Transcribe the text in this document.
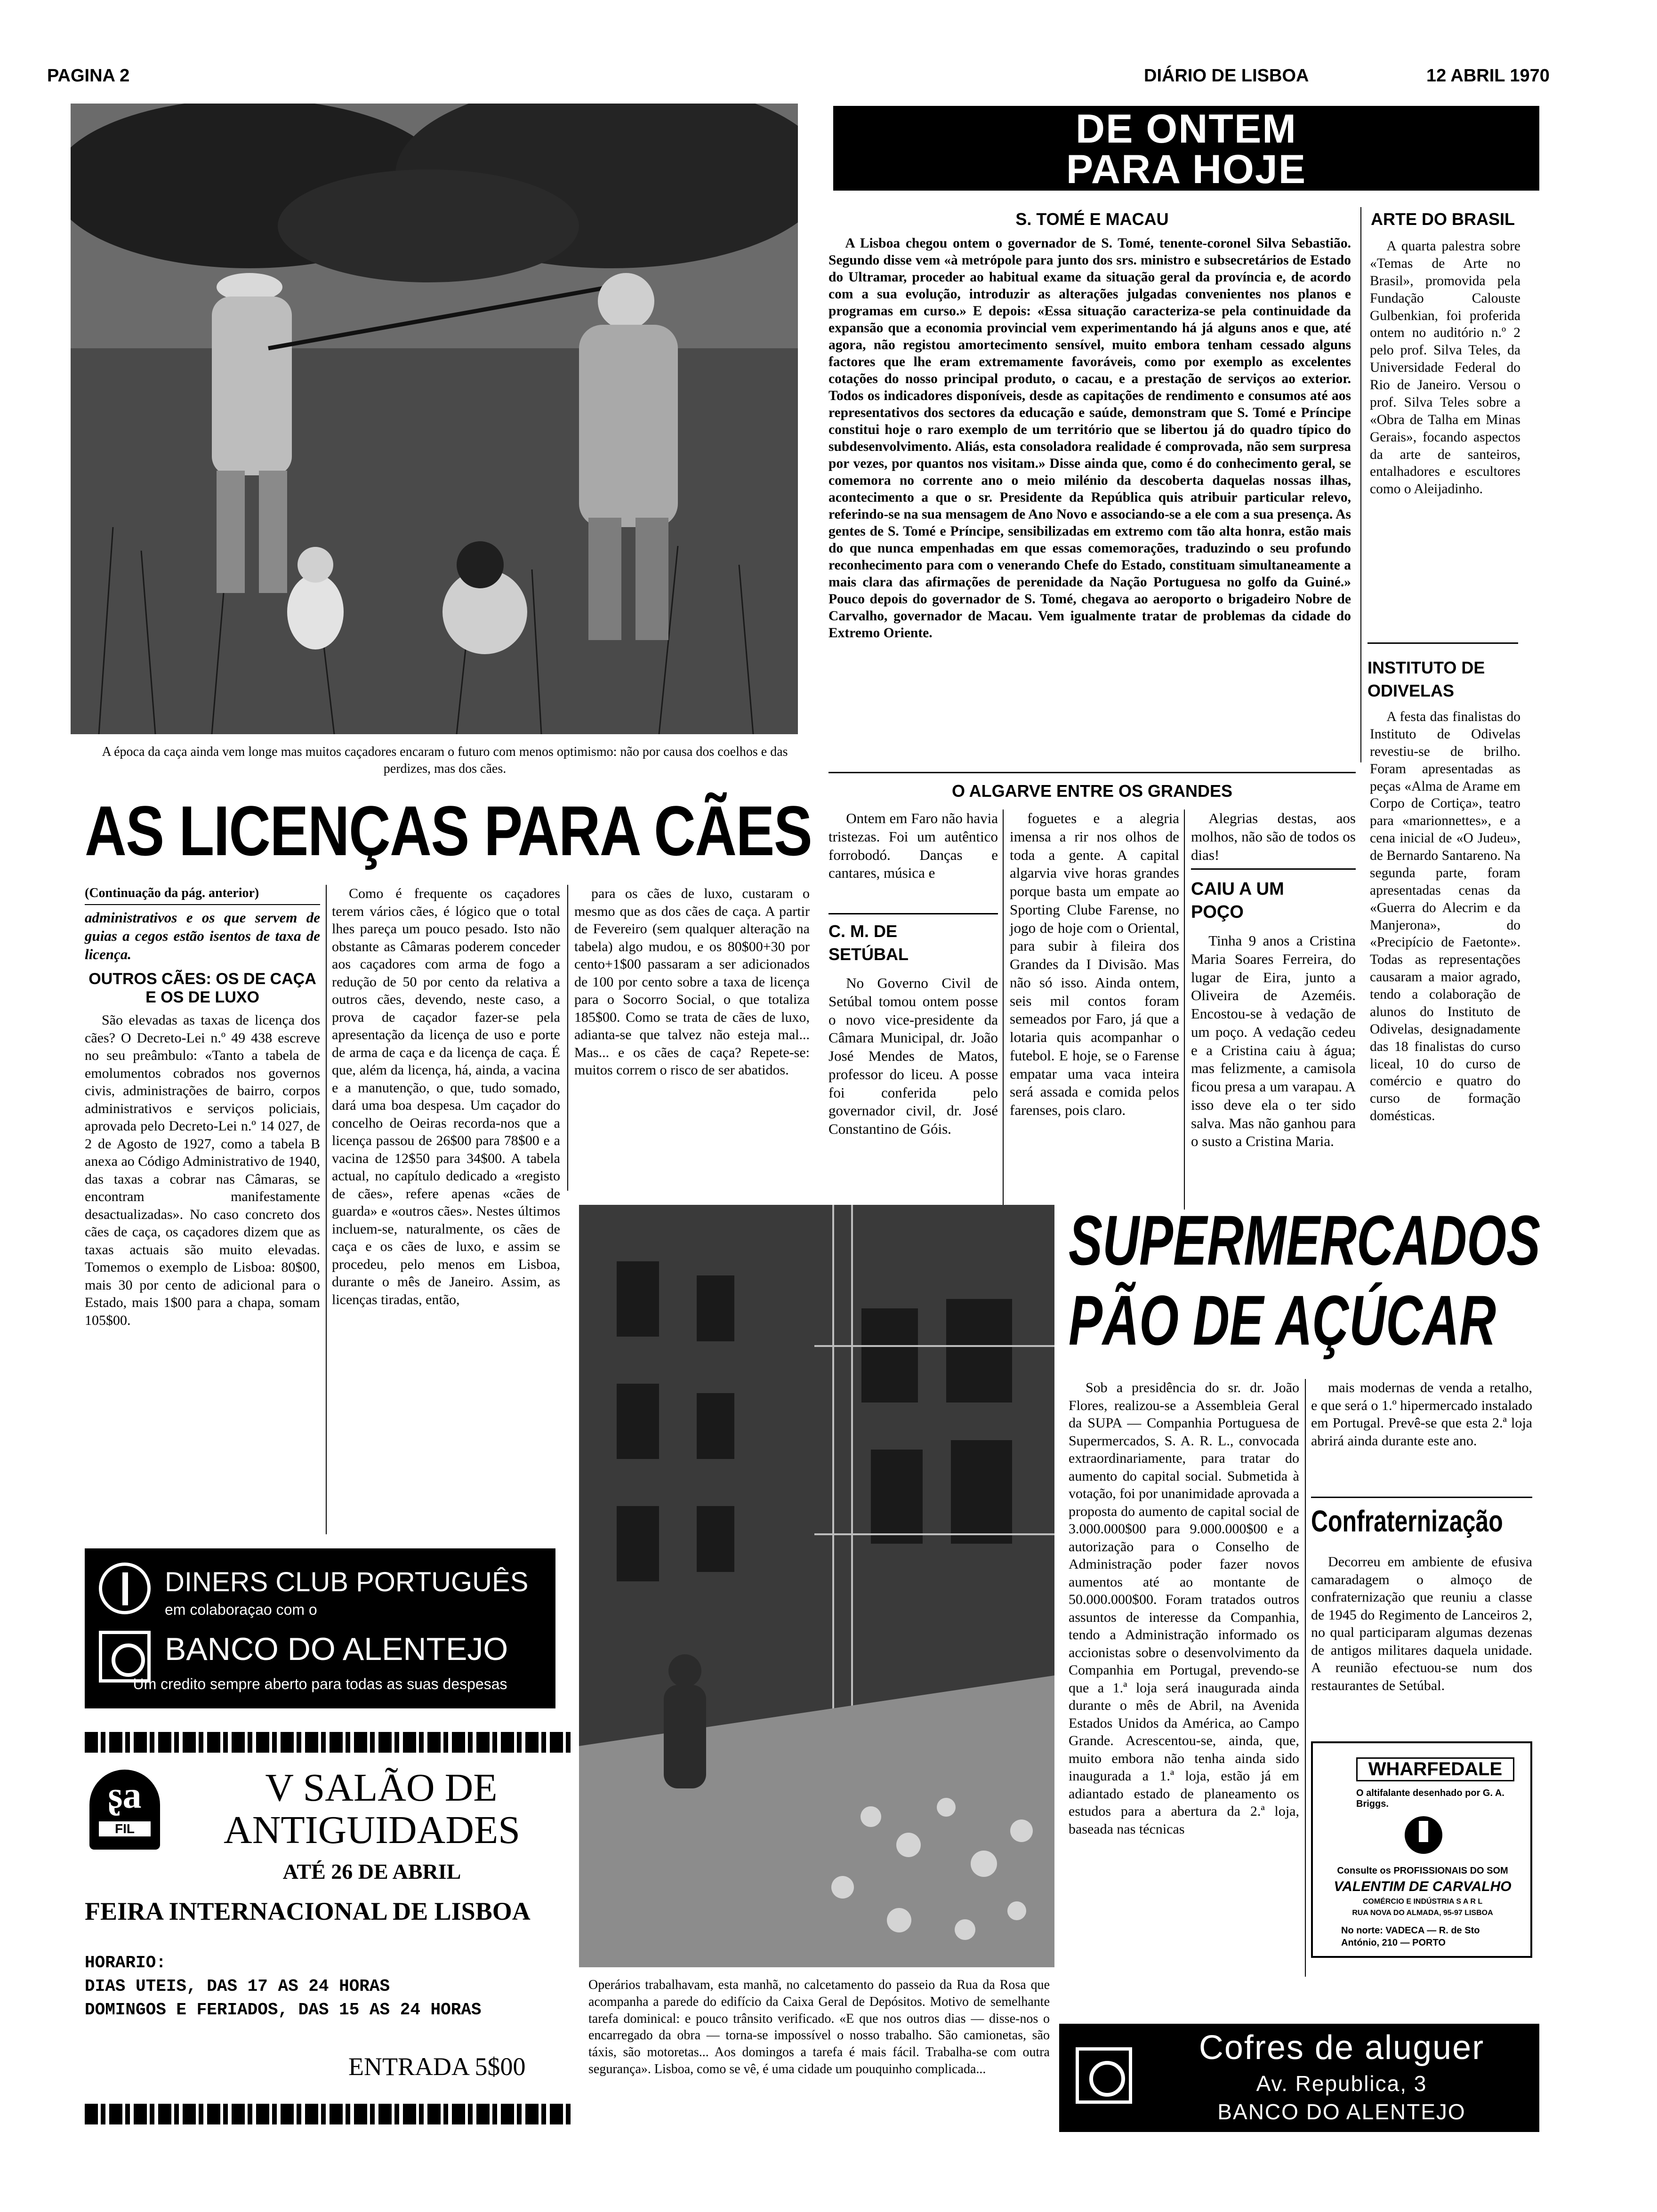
PAGINA 2	DIÁRIO DE LISBOA	12 ABRIL 1970
A época da caça ainda vem longe mas muitos caçadores encaram o futuro com menos optimismo: não por causa dos coelhos e das perdizes, mas dos cães.
DE ONTEM
PARA HOJE
S. TOMÉ E MACAU

A Lisboa chegou ontem o governador de S. Tomé, tenente-coronel Silva Sebastião. Segundo disse vem «à metrópole para junto dos srs. ministro e subsecretários de Estado do Ultramar, proceder ao habitual exame da situação geral da província e, de acordo com a sua evolução, introduzir as alterações julgadas convenientes nos planos e programas em curso.» E depois: «Essa situação caracteriza-se pela continuidade da expansão que a economia provincial vem experimentando há já alguns anos e que, até agora, não registou amortecimento sensível, muito embora tenham cessado alguns factores que lhe eram extremamente favoráveis, como por exemplo as excelentes cotações do nosso principal produto, o cacau, e a prestação de serviços ao exterior. Todos os indicadores disponíveis, desde as capitações de rendimento e consumos até aos representativos dos sectores da educação e saúde, demonstram que S. Tomé e Príncipe constitui hoje o raro exemplo de um território que se libertou já do quadro típico do subdesenvolvimento. Aliás, esta consoladora realidade é comprovada, não sem surpresa por vezes, por quantos nos visitam.» Disse ainda que, como é do conhecimento geral, se comemora no corrente ano o meio milénio da descoberta daquelas nossas ilhas, acontecimento a que o sr. Presidente da República quis atribuir particular relevo, referindo-se na sua mensagem de Ano Novo e associando-se a ele com a sua presença. As gentes de S. Tomé e Príncipe, sensibilizadas em extremo com tão alta honra, estão mais do que nunca empenhadas em que essas comemorações, traduzindo o seu profundo reconhecimento para com o venerando Chefe do Estado, constituam simultaneamente a mais clara das afirmações de perenidade da Nação Portuguesa no golfo da Guiné.» Pouco depois do governador de S. Tomé, chegava ao aeroporto o brigadeiro Nobre de Carvalho, governador de Macau. Vem igualmente tratar de problemas da cidade do Extremo Oriente.

ARTE DO BRASIL

A quarta palestra sobre «Temas de Arte no Brasil», promovida pela Fundação Calouste Gulbenkian, foi proferida ontem no auditório n.º 2 pelo prof. Silva Teles, da Universidade Federal do Rio de Janeiro. Versou o prof. Silva Teles sobre a «Obra de Talha em Minas Gerais», focando aspectos da arte de santeiros, entalhadores e escultores como o Aleijadinho.

INSTITUTO DE ODIVELAS

A festa das finalistas do Instituto de Odivelas revestiu-se de brilho. Foram apresentadas as peças «Alma de Arame em Corpo de Cortiça», teatro para «marionnettes», e a cena inicial de «O Judeu», de Bernardo Santareno. Na segunda parte, foram apresentadas cenas da «Guerra do Alecrim e da Manjerona», do «Precipício de Faetonte». Todas as representações causaram a maior agrado, tendo a colaboração de alunos do Instituto de Odivelas, designadamente das 18 finalistas do curso liceal, 10 do curso de comércio e quatro do curso de formação domésticas.

O ALGARVE ENTRE OS GRANDES

Ontem em Faro não havia tristezas. Foi um autêntico forrobodó. Danças e cantares, música e

C. M. DE SETÚBAL

No Governo Civil de Setúbal tomou ontem posse o novo vice-presidente da Câmara Municipal, dr. João José Mendes de Matos, professor do liceu. A posse foi conferida pelo governador civil, dr. José Constantino de Góis.

foguetes e a alegria imensa a rir nos olhos de toda a gente. A capital algarvia vive horas grandes porque basta um empate ao Sporting Clube Farense, no jogo de hoje com o Oriental, para subir à fileira dos Grandes da I Divisão. Mas não só isso. Ainda ontem, seis mil contos foram semeados por Faro, já que a lotaria quis acompanhar o futebol. E hoje, se o Farense empatar uma vaca inteira será assada e comida pelos farenses, pois claro.

Alegrias destas, aos molhos, não são de todos os dias!

CAIU A UM POÇO

Tinha 9 anos a Cristina Maria Soares Ferreira, do lugar de Eira, junto a Oliveira de Azeméis. Encostou-se à vedação de um poço. A vedação cedeu e a Cristina caiu à água; mas felizmente, a camisola ficou presa a um varapau. A isso deve ela o ter sido salva. Mas não ganhou para o susto a Cristina Maria.

AS LICENÇAS PARA CÃES
(Continuação da pág. anterior)

administrativos e os que servem de guias a cegos estão isentos de taxa de licença.

OUTROS CÃES: OS DE CAÇA E OS DE LUXO

São elevadas as taxas de licença dos cães? O Decreto-Lei n.º 49 438 escreve no seu preâmbulo: «Tanto a tabela de emolumentos cobrados nos governos civis, administrações de bairro, corpos administrativos e serviços policiais, aprovada pelo Decreto-Lei n.º 14 027, de 2 de Agosto de 1927, como a tabela B anexa ao Código Administrativo de 1940, das taxas a cobrar nas Câmaras, se encontram manifestamente desactualizadas». No caso concreto dos cães de caça, os caçadores dizem que as taxas actuais são muito elevadas. Tomemos o exemplo de Lisboa: 80$00, mais 30 por cento de adicional para o Estado, mais 1$00 para a chapa, somam 105$00.

Como é frequente os caçadores terem vários cães, é lógico que o total lhes pareça um pouco pesado. Isto não obstante as Câmaras poderem conceder aos caçadores com arma de fogo a redução de 50 por cento da relativa a outros cães, devendo, neste caso, a prova de caçador fazer-se pela apresentação da licença de uso e porte de arma de caça e da licença de caça. É que, além da licença, há, ainda, a vacina e a manutenção, o que, tudo somado, dará uma boa despesa. Um caçador do concelho de Oeiras recorda-nos que a licença passou de 26$00 para 78$00 e a vacina de 12$50 para 34$00. A tabela actual, no capítulo dedicado a «registo de cães», refere apenas «cães de guarda» e «outros cães». Nestes últimos incluem-se, naturalmente, os cães de caça e os cães de luxo, e assim se procedeu, pelo menos em Lisboa, durante o mês de Janeiro. Assim, as licenças tiradas, então,

para os cães de luxo, custaram o mesmo que as dos cães de caça. A partir de Fevereiro (sem qualquer alteração na tabela) algo mudou, e os 80$00+30 por cento+1$00 passaram a ser adicionados de 100 por cento sobre a taxa de licença para o Socorro Social, o que totaliza 185$00. Como se trata de cães de luxo, adianta-se que talvez não esteja mal... Mas... e os cães de caça? Repete-se: muitos correm o risco de ser abatidos.

DINERS CLUB PORTUGUÊS
em colaboraçao com o
BANCO DO ALENTEJO
Um credito sempre aberto para todas as suas despesas
ʂa
FIL
V SALÃO DE
ANTIGUIDADES
ATÉ 26 DE ABRIL
FEIRA INTERNACIONAL DE LISBOA
HORARIO:
DIAS UTEIS, DAS 17 AS 24 HORAS
DOMINGOS E FERIADOS, DAS 15 AS 24 HORAS
ENTRADA 5$00
Operários trabalhavam, esta manhã, no calcetamento do passeio da Rua da Rosa que acompanha a parede do edifício da Caixa Geral de Depósitos. Motivo de semelhante tarefa dominical: e pouco trânsito verificado. «E que nos outros dias — disse-nos o encarregado da obra — torna-se impossível o nosso trabalho. São camionetas, são táxis, são motoretas... Aos domingos a tarefa é mais fácil. Trabalha-se com outra segurança». Lisboa, como se vê, é uma cidade um pouquinho complicada...
SUPERMERCADOS
PÃO DE AÇÚCAR

Sob a presidência do sr. dr. João Flores, realizou-se a Assembleia Geral da SUPA — Companhia Portuguesa de Supermercados, S. A. R. L., convocada extraordinariamente, para tratar do aumento do capital social. Submetida à votação, foi por unanimidade aprovada a proposta do aumento de capital social de 3.000.000$00 para 9.000.000$00 e a autorização para o Conselho de Administração poder fazer novos aumentos até ao montante de 50.000.000$00. Foram tratados outros assuntos de interesse da Companhia, tendo a Administração informado os accionistas sobre o desenvolvimento da Companhia em Portugal, prevendo-se que a 1.ª loja será inaugurada ainda durante o mês de Abril, na Avenida Estados Unidos da América, ao Campo Grande. Acrescentou-se, ainda, que, muito embora não tenha ainda sido inaugurada a 1.ª loja, estão já em adiantado estado de planeamento os estudos para a abertura da 2.ª loja, baseada nas técnicas

mais modernas de venda a retalho, e que será o 1.º hipermercado instalado em Portugal. Prevê-se que esta 2.ª loja abrirá ainda durante este ano.

Confraternização

Decorreu em ambiente de efusiva camaradagem o almoço de confraternização que reuniu a classe de 1945 do Regimento de Lanceiros 2, no qual participaram algumas dezenas de antigos militares daquela unidade. A reunião efectuou-se num dos restaurantes de Setúbal.

WHARFEDALE
O altifalante desenhado por G. A. Briggs.
Consulte os PROFISSIONAIS DO SOM
VALENTIM DE CARVALHO
COMÉRCIO E INDÚSTRIA S A R L
RUA NOVA DO ALMADA, 95-97 LISBOA
No norte: VADECA — R. de Sto António, 210 — PORTO
Cofres de aluguer
Av. Republica, 3
BANCO DO ALENTEJO
